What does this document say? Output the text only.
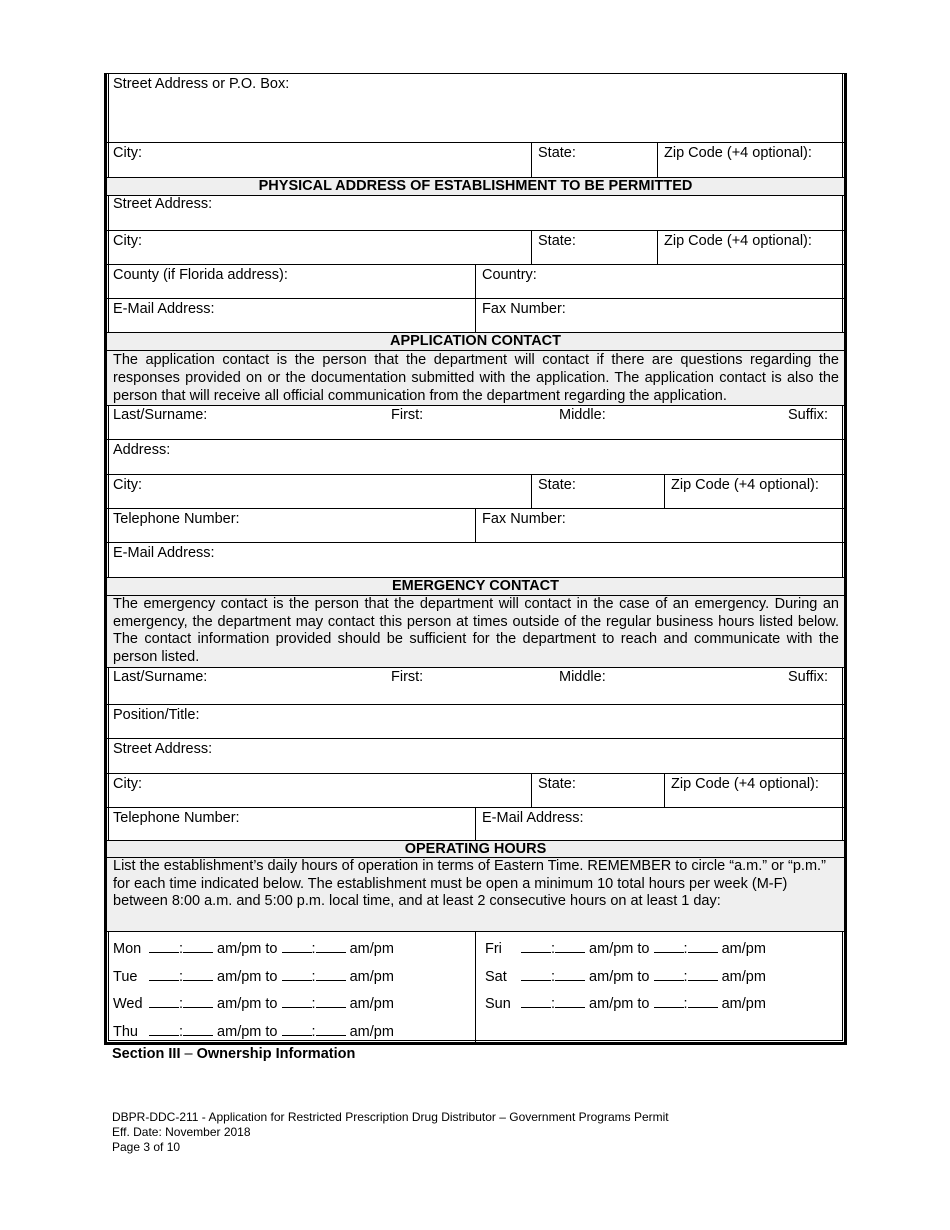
Street Address or P.O. Box:
City:	State:	Zip Code (+4 optional):
PHYSICAL ADDRESS OF ESTABLISHMENT TO BE PERMITTED
Street Address:
City:	State:	Zip Code (+4 optional):
County (if Florida address):	Country:
E-Mail Address:	Fax Number:
APPLICATION CONTACT
The application contact is the person that the department will contact if there are questions regarding the responses provided on or the documentation submitted with the application. The application contact is also the person that will receive all official communication from the department regarding the application.
Last/Surname:	First:	Middle:	Suffix:
Address:
City:	State:	Zip Code (+4 optional):
Telephone Number:	Fax Number:
E-Mail Address:
EMERGENCY CONTACT
The emergency contact is the person that the department will contact in the case of an emergency. During an emergency, the department may contact this person at times outside of the regular business hours listed below. The contact information provided should be sufficient for the department to reach and communicate with the person listed.
Last/Surname:	First:	Middle:	Suffix:
Position/Title:
Street Address:
City:	State:	Zip Code (+4 optional):
Telephone Number:	E-Mail Address:
OPERATING HOURS
List the establishment’s daily hours of operation in terms of Eastern Time. REMEMBER to circle “a.m.” or “p.m.” for each time indicated below. The establishment must be open a minimum 10 total hours per week (M-F) between 8:00 a.m. and 5:00 p.m. local time, and at least 2 consecutive hours on at least 1 day:
Mon	: am/pm to : am/pm
Tue	: am/pm to : am/pm
Wed	: am/pm to : am/pm
Thu	: am/pm to : am/pm
Fri	: am/pm to : am/pm
Sat	: am/pm to : am/pm
Sun	: am/pm to : am/pm
Section III – Ownership Information
DBPR-DDC-211 - Application for Restricted Prescription Drug Distributor – Government Programs Permit
Eff. Date: November 2018
Page 3 of 10
